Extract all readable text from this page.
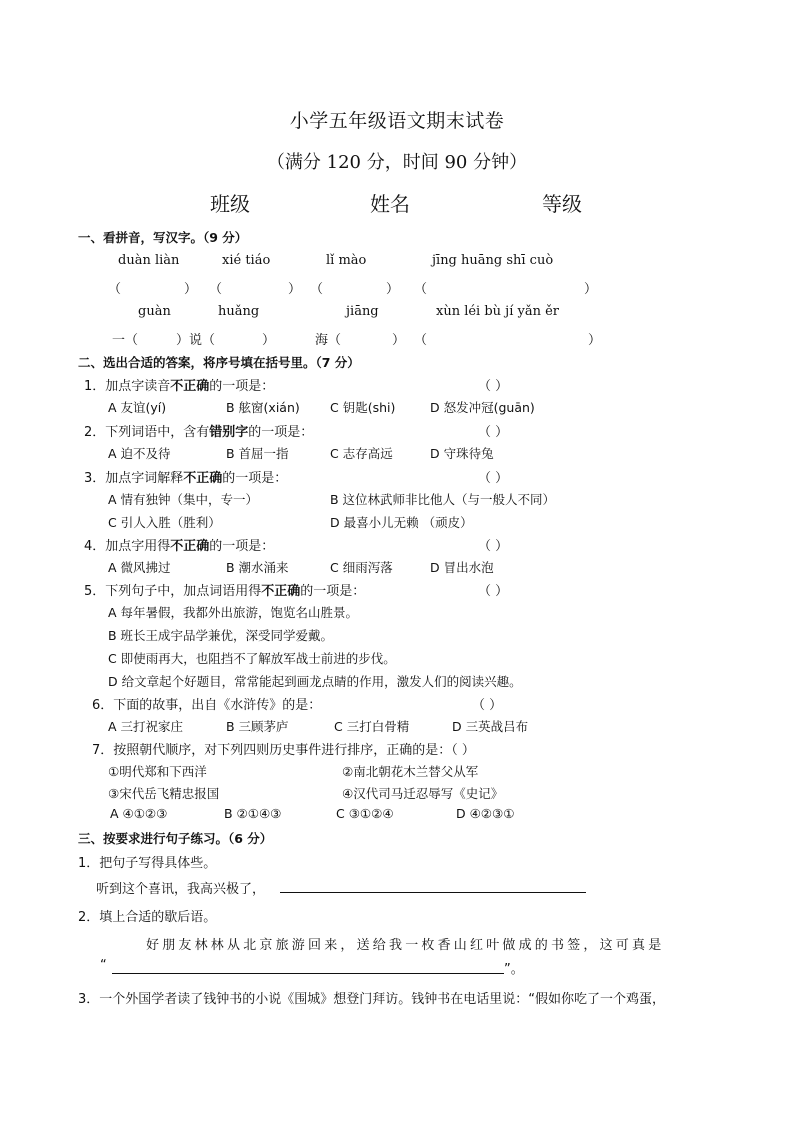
小学五年级语文期末试卷
（满分 120 分，时间 90 分钟）
班级	姓名	等级
一、看拼音，写汉字。（9 分）
duàn liàn	xié tiáo	lǐ mào	jīng huāng shī cuò
（	） （	） （	） （	）
guàn	huǎng	jiāng	xùn léi bù jí yǎn ěr
一（	）说（	）	海（	） （	）
二、选出合适的答案，将序号填在括号里。（7 分）
1．加点字读音不正确的一项是：	（ ）
A 友谊(yí)	B 舷窗(xián) C 钥匙(shi)	D 怒发冲冠(guān)
2．下列词语中，含有错别字的一项是：	（ ）
A 迫不及待	B 首屈一指	C 志存高远	D 守珠待兔
3．加点字词解释不正确的一项是：	（ ）
A 情有独钟（集中，专一）	B 这位林武师非比他人（与一般人不同）
C 引人入胜（胜利）	D 最喜小儿无赖 （顽皮）
4．加点字用得不正确的一项是：	（ ）
A 微风拂过	B 潮水涌来	C 细雨泻落	D 冒出水泡
5．下列句子中，加点词语用得不正确的一项是：	（ ）
A 每年暑假，我都外出旅游，饱览名山胜景。
B 班长王成宇品学兼优，深受同学爱戴。
C 即使雨再大，也阻挡不了解放军战士前进的步伐。
D 给文章起个好题目，常常能起到画龙点睛的作用，激发人们的阅读兴趣。
6．下面的故事，出自《水浒传》的是：	（ ）
A 三打祝家庄	B 三顾茅庐	C 三打白骨精	D 三英战吕布
7．按照朝代顺序，对下列四则历史事件进行排序，正确的是：（ ）
①明代郑和下西洋	②南北朝花木兰替父从军
③宋代岳飞精忠报国	④汉代司马迁忍辱写《史记》
A ④①②③	B ②①④③	C ③①②④	D ④②③①
三、按要求进行句子练习。（6 分）
1．把句子写得具体些。
听到这个喜讯，我高兴极了，
2．填上合适的歇后语。
好朋友林林从北京旅游回来，送给我一枚香山红叶做成的书签，这可真是
“	”。
3．一个外国学者读了钱钟书的小说《围城》想登门拜访。钱钟书在电话里说：“假如你吃了一个鸡蛋，
